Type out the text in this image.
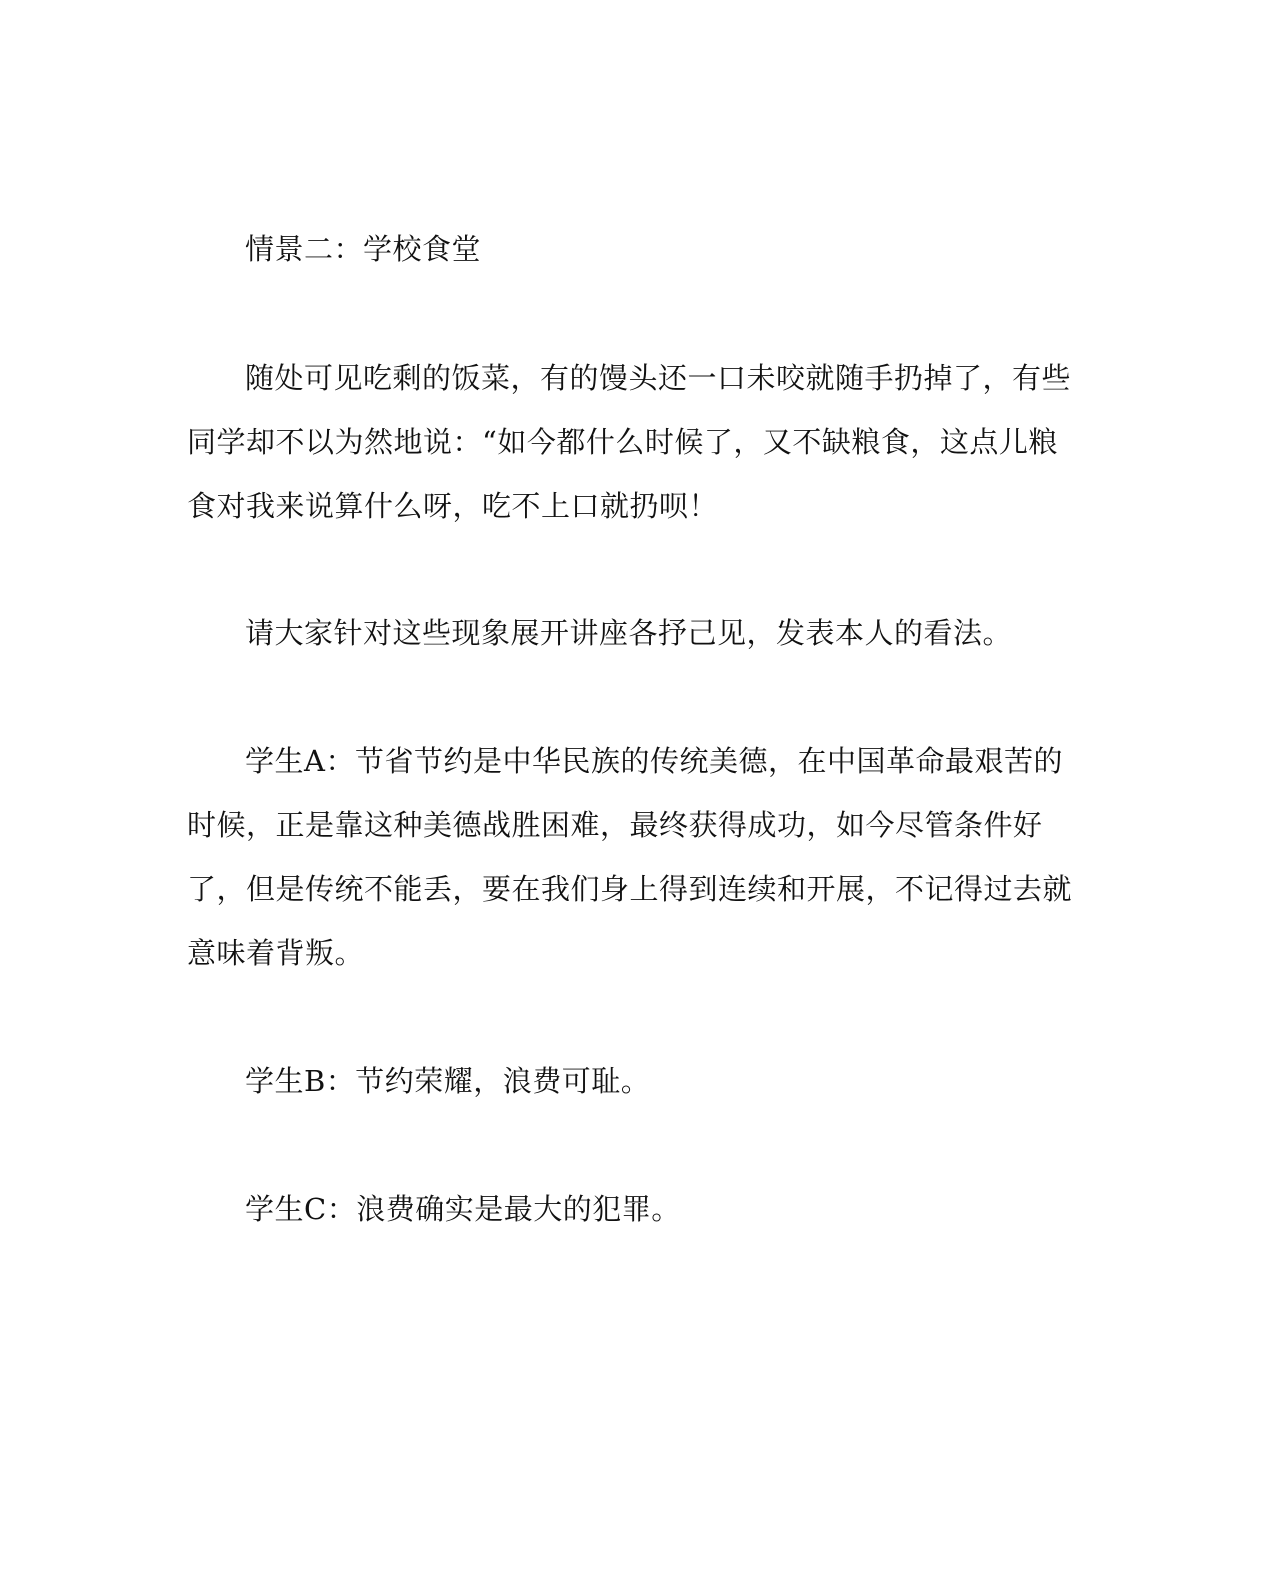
情景二：学校食堂

随处可见吃剩的饭菜，有的馒头还一口未咬就随手扔掉了，有些同学却不以为然地说：“如今都什么时候了，又不缺粮食，这点儿粮食对我来说算什么呀，吃不上口就扔呗！

请大家针对这些现象展开讲座各抒己见，发表本人的看法。

学生A：节省节约是中华民族的传统美德，在中国革命最艰苦的时候，正是靠这种美德战胜困难，最终获得成功，如今尽管条件好了，但是传统不能丢，要在我们身上得到连续和开展，不记得过去就意味着背叛。

学生B：节约荣耀，浪费可耻。

学生C：浪费确实是最大的犯罪。
